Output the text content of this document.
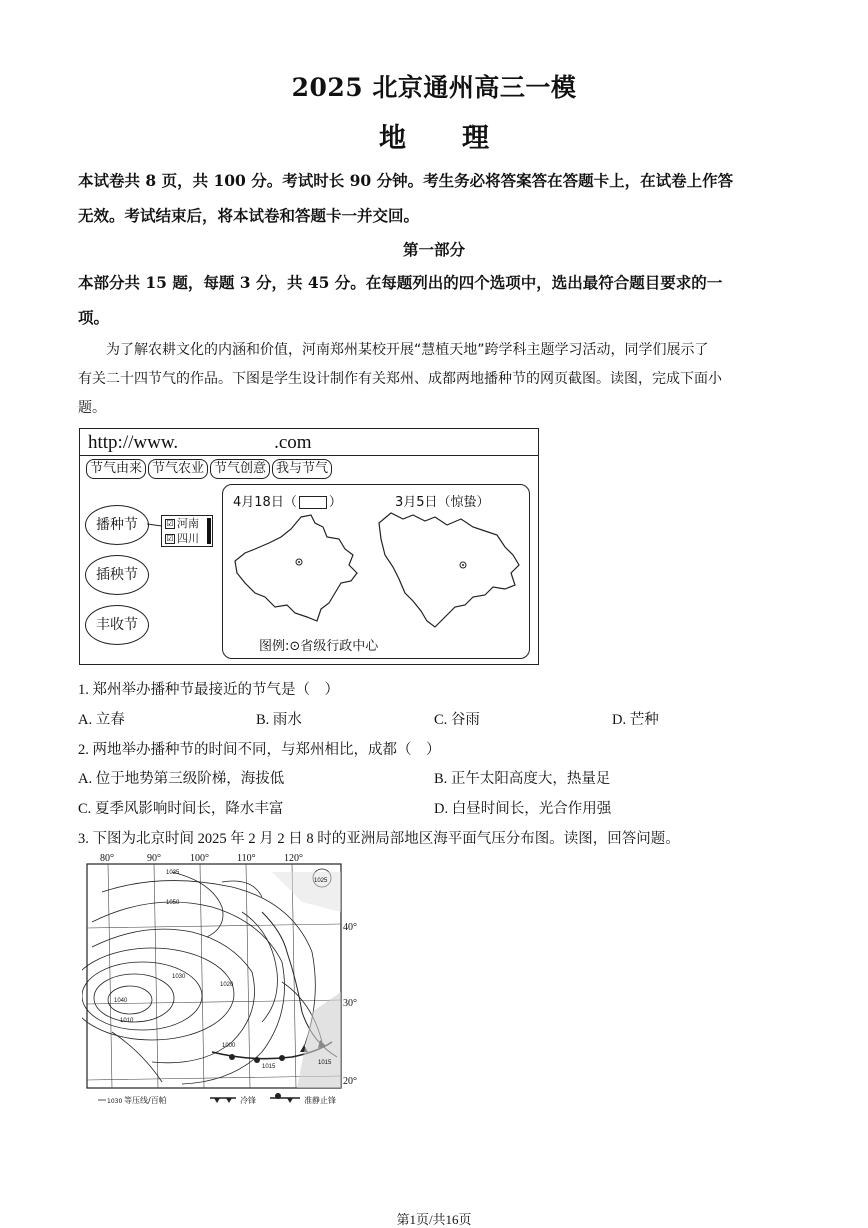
2025 北京通州高三一模
地 理
本试卷共 8 页，共 100 分。考试时长 90 分钟。考生务必将答案答在答题卡上，在试卷上作答
无效。考试结束后，将本试卷和答题卡一并交回。
第一部分
本部分共 15 题，每题 3 分，共 45 分。在每题列出的四个选项中，选出最符合题目要求的一
项。
为了解农耕文化的内涵和价值，河南郑州某校开展“慧植天地”跨学科主题学习活动，同学们展示了
有关二十四节气的作品。下图是学生设计制作有关郑州、成都两地播种节的网页截图。读图，完成下面小
题。
http://www.	.com
节气由来 节气农业 节气创意 我与节气
播种节
插秧节
丰收节
☑ 河南
☑ 四川
4月18日（ ）	3月5日（惊蛰）
图例:⊙省级行政中心
1. 郑州举办播种节最接近的节气是（　）
A. 立春	B. 雨水	C. 谷雨	D. 芒种
2. 两地举办播种节的时间不同，与郑州相比，成都（　）
A. 位于地势第三级阶梯，海拔低	B. 正午太阳高度大，热量足
C. 夏季风影响时间长，降水丰富	D. 白昼时间长，光合作用强
3. 下图为北京时间 2025 年 2 月 2 日 8 时的亚洲局部地区海平面气压分布图。读图，回答问题。
80°	90°	100°	110°	120°
40°
30°
20°
1035
1050
1030
1025
1020
1010
1000
1015
1040
1015
1030 等压线/百帕	冷锋	准静止锋
第1页/共16页
